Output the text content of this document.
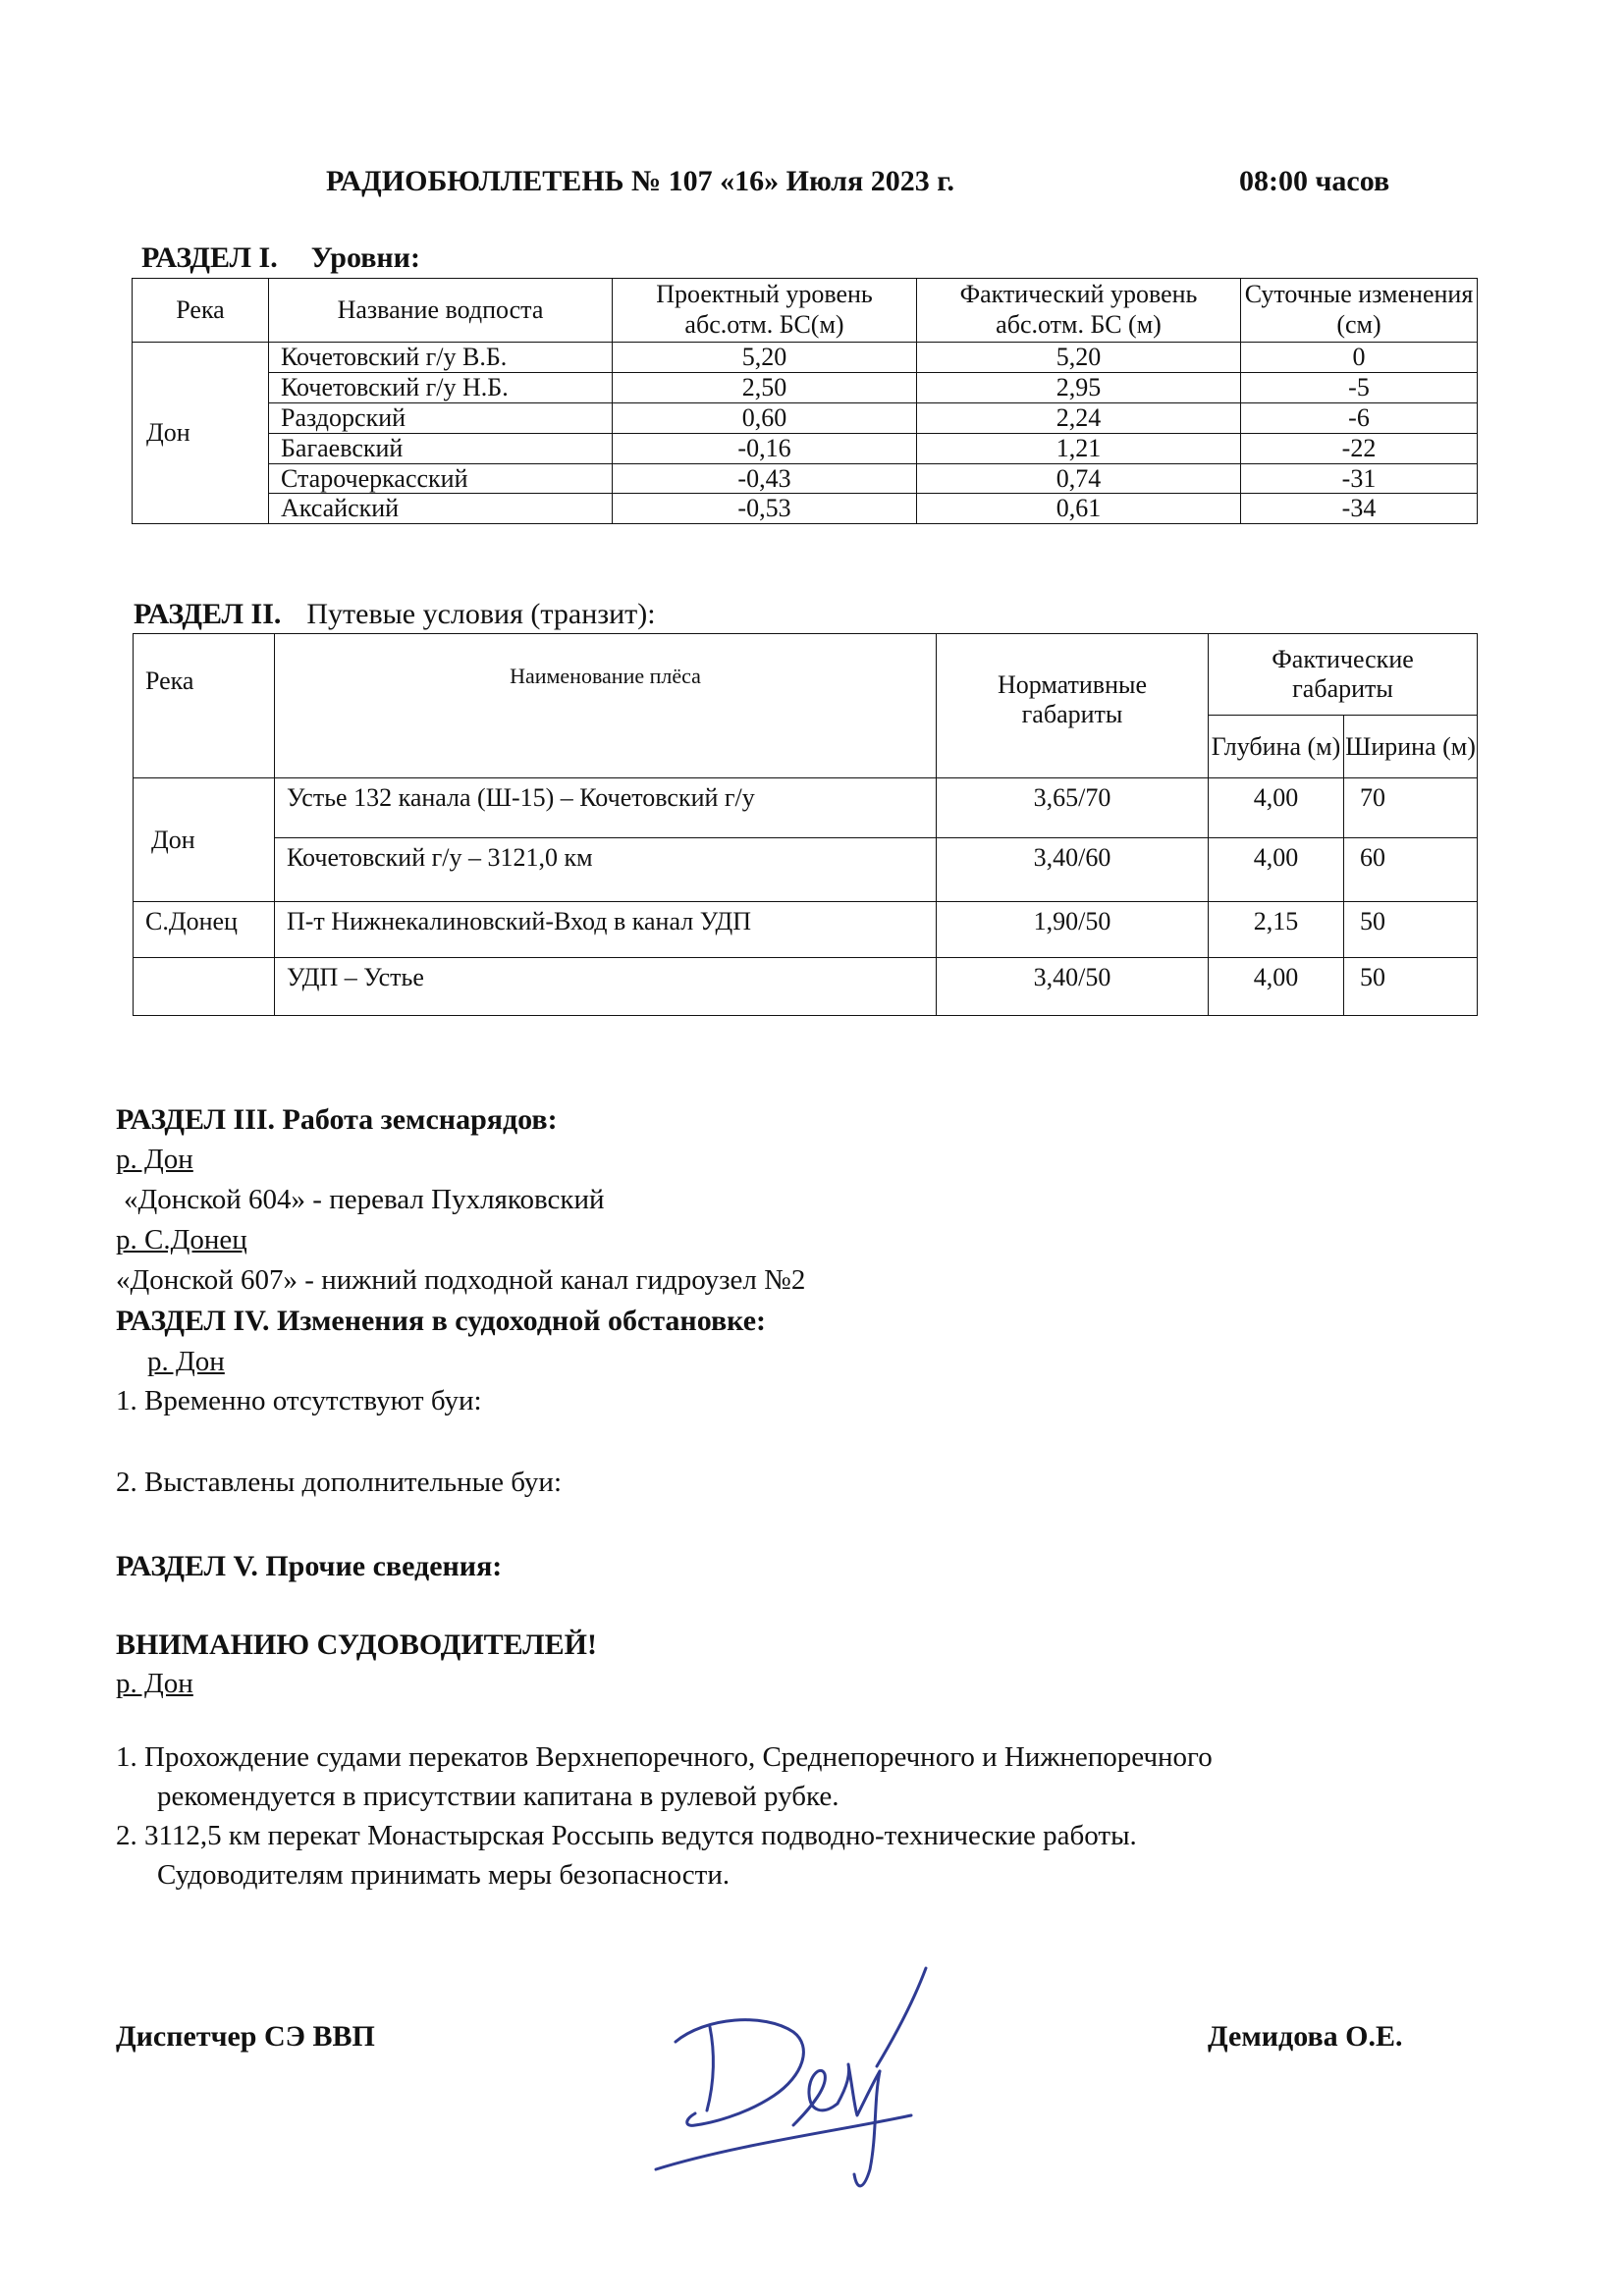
РАДИОБЮЛЛЕТЕНЬ № 107 «16» Июля 2023 г.	08:00 часов
РАЗДЕЛ I. Уровни:
Река	Название водпоста	Проектный уровень абс.отм. БС(м)	Фактический уровень абс.отм. БС (м)	Суточные изменения (см)
Дон	Кочетовский г/у В.Б.	5,20	5,20	0
	Кочетовский г/у Н.Б.	2,50	2,95	-5
	Раздорский	0,60	2,24	-6
	Багаевский	-0,16	1,21	-22
	Старочеркасский	-0,43	0,74	-31
	Аксайский	-0,53	0,61	-34
РАЗДЕЛ II. Путевые условия (транзит):
Река	Наименование плёса	Нормативные габариты	Фактические габариты	
			Глубина (м)	Ширина (м)
Дон	Устье 132 канала (Ш-15) – Кочетовский г/у	3,65/70	4,00	70
	Кочетовский г/у – 3121,0 км	3,40/60	4,00	60
С.Донец	П-т Нижнекалиновский-Вход в канал УДП	1,90/50	2,15	50
	УДП – Устье	3,40/50	4,00	50
РАЗДЕЛ III. Работа земснарядов:
р. Дон
«Донской 604» - перевал Пухляковский
р. С.Донец
«Донской 607» - нижний подходной канал гидроузел №2
РАЗДЕЛ IV. Изменения в судоходной обстановке:
р. Дон
1. Временно отсутствуют буи:
2. Выставлены дополнительные буи:
РАЗДЕЛ V. Прочие сведения:
ВНИМАНИЮ СУДОВОДИТЕЛЕЙ!
р. Дон
1. Прохождение судами перекатов Верхнепоречного, Среднепоречного и Нижнепоречного
рекомендуется в присутствии капитана в рулевой рубке.
2. 3112,5 км перекат Монастырская Россыпь ведутся подводно-технические работы.
Судоводителям принимать меры безопасности.
Диспетчер СЭ ВВП	Демидова О.Е.
